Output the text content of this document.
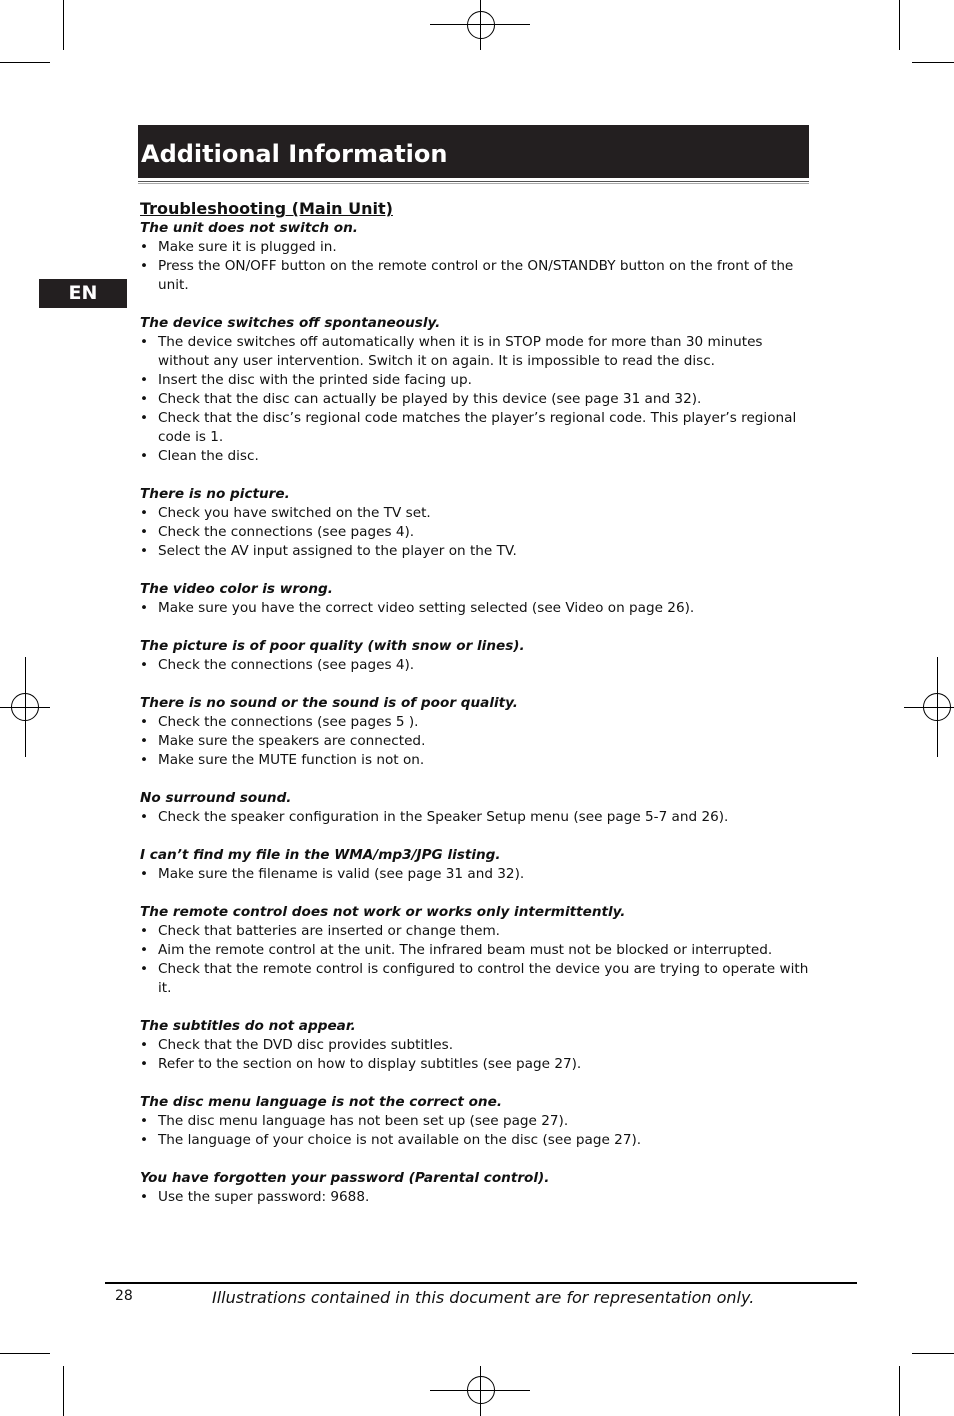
Additional Information
EN
Troubleshooting (Main Unit)
The unit does not switch on.
• Make sure it is plugged in.
• Press the ON/OFF button on the remote control or the ON/STANDBY button on the front of the unit.
The device switches off spontaneously.
• The device switches off automatically when it is in STOP mode for more than 30 minutes without any user intervention. Switch it on again. It is impossible to read the disc.
• Insert the disc with the printed side facing up.
• Check that the disc can actually be played by this device (see page 31 and 32).
• Check that the disc’s regional code matches the player’s regional code. This player’s regional code is 1.
• Clean the disc.
There is no picture.
• Check you have switched on the TV set.
• Check the connections (see pages 4).
• Select the AV input assigned to the player on the TV.
The video color is wrong.
• Make sure you have the correct video setting selected (see Video on page 26).
The picture is of poor quality (with snow or lines).
• Check the connections (see pages 4).
There is no sound or the sound is of poor quality.
• Check the connections (see pages 5 ).
• Make sure the speakers are connected.
• Make sure the MUTE function is not on.
No surround sound.
• Check the speaker configuration in the Speaker Setup menu (see page 5-7 and 26).
I can’t find my file in the WMA/mp3/JPG listing.
• Make sure the filename is valid (see page 31 and 32).
The remote control does not work or works only intermittently.
• Check that batteries are inserted or change them.
• Aim the remote control at the unit. The infrared beam must not be blocked or interrupted.
• Check that the remote control is configured to control the device you are trying to operate with it.
The subtitles do not appear.
• Check that the DVD disc provides subtitles.
• Refer to the section on how to display subtitles (see page 27).
The disc menu language is not the correct one.
• The disc menu language has not been set up (see page 27).
• The language of your choice is not available on the disc (see page 27).
You have forgotten your password (Parental control).
• Use the super password: 9688.
28	Illustrations contained in this document are for representation only.
